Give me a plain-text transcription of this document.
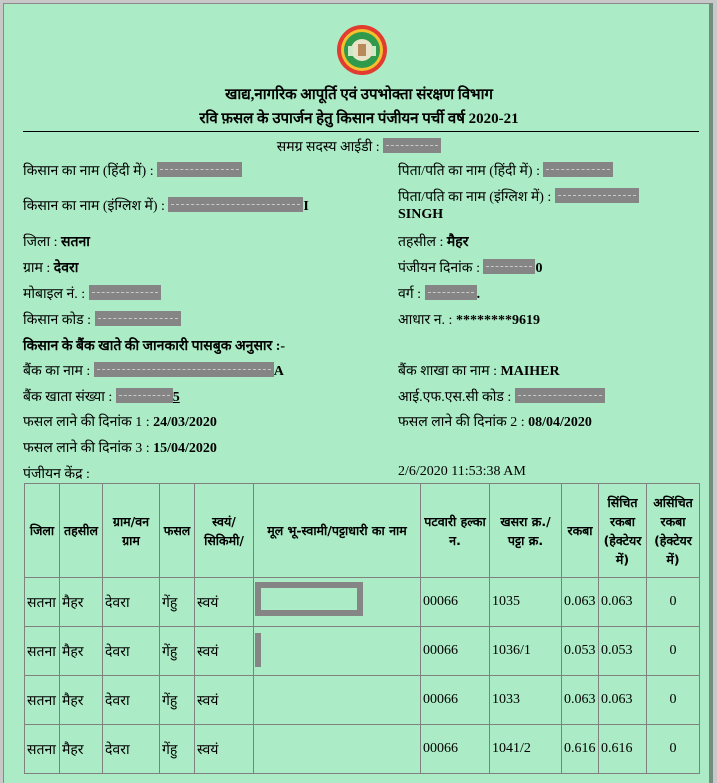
खाद्य,नागरिक आपूर्ति एवं उपभोक्ता संरक्षण विभाग
रवि फ़सल के उपार्जन हेतु किसान पंजीयन पर्ची वर्ष 2020-21
समग्र सदस्य आईडी :
किसान का नाम (हिंदी में) :
किसान का नाम (इंग्लिश में) :	I
जिला : सतना
ग्राम : देवरा
मोबाइल नं. :
किसान कोड :
पिता/पति का नाम (हिंदी में) :
पिता/पति का नाम (इंग्लिश में) :
SINGH
तहसील : मैहर
पंजीयन दिनांक :	0
वर्ग :	.
आधार न. : ********9619
किसान के बैंक खाते की जानकारी पासबुक अनुसार :-
बैंक का नाम :	A
बैंक खाता संख्या :	5
फसल लाने की दिनांक 1 : 24/03/2020
फसल लाने की दिनांक 3 : 15/04/2020
पंजीयन केंद्र :
बैंक शाखा का नाम : MAIHER
आई.एफ.एस.सी कोड :
फसल लाने की दिनांक 2 : 08/04/2020
2/6/2020 11:53:38 AM
जिला	तहसील	ग्राम/वन ग्राम	फसल	स्वयं/ सिकिमी/	मूल भू-स्वामी/पट्टाधारी का नाम	पटवारी हल्का न.	खसरा क्र./ पट्टा क्र.	रकबा	सिंचित रकबा (हेक्टेयर में)	असिंचित रकबा (हेक्टेयर में)
सतना	मैहर	देवरा	गेंहु	स्वयं		00066	1035	0.063	0.063	0
सतना	मैहर	देवरा	गेंहु	स्वयं		00066	1036/1	0.053	0.053	0
सतना	मैहर	देवरा	गेंहु	स्वयं		00066	1033	0.063	0.063	0
सतना	मैहर	देवरा	गेंहु	स्वयं		00066	1041/2	0.616	0.616	0
